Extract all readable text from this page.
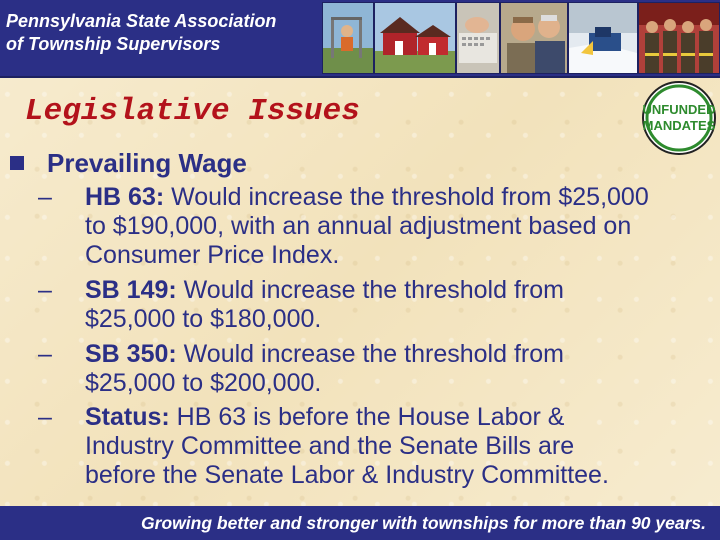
Pennsylvania State Association
of Township Supervisors
Legislative Issues	UNFUNDED
MANDATES
Prevailing Wage
–	HB 63: Would increase the threshold from $25,000
to $190,000, with an annual adjustment based on
Consumer Price Index.
–	SB 149: Would increase the threshold from
$25,000 to $180,000.
–	SB 350: Would increase the threshold from
$25,000 to $200,000.
–	Status: HB 63 is before the House Labor &
Industry Committee and the Senate Bills are
before the Senate Labor & Industry Committee.
Growing better and stronger with townships for more than 90 years.
